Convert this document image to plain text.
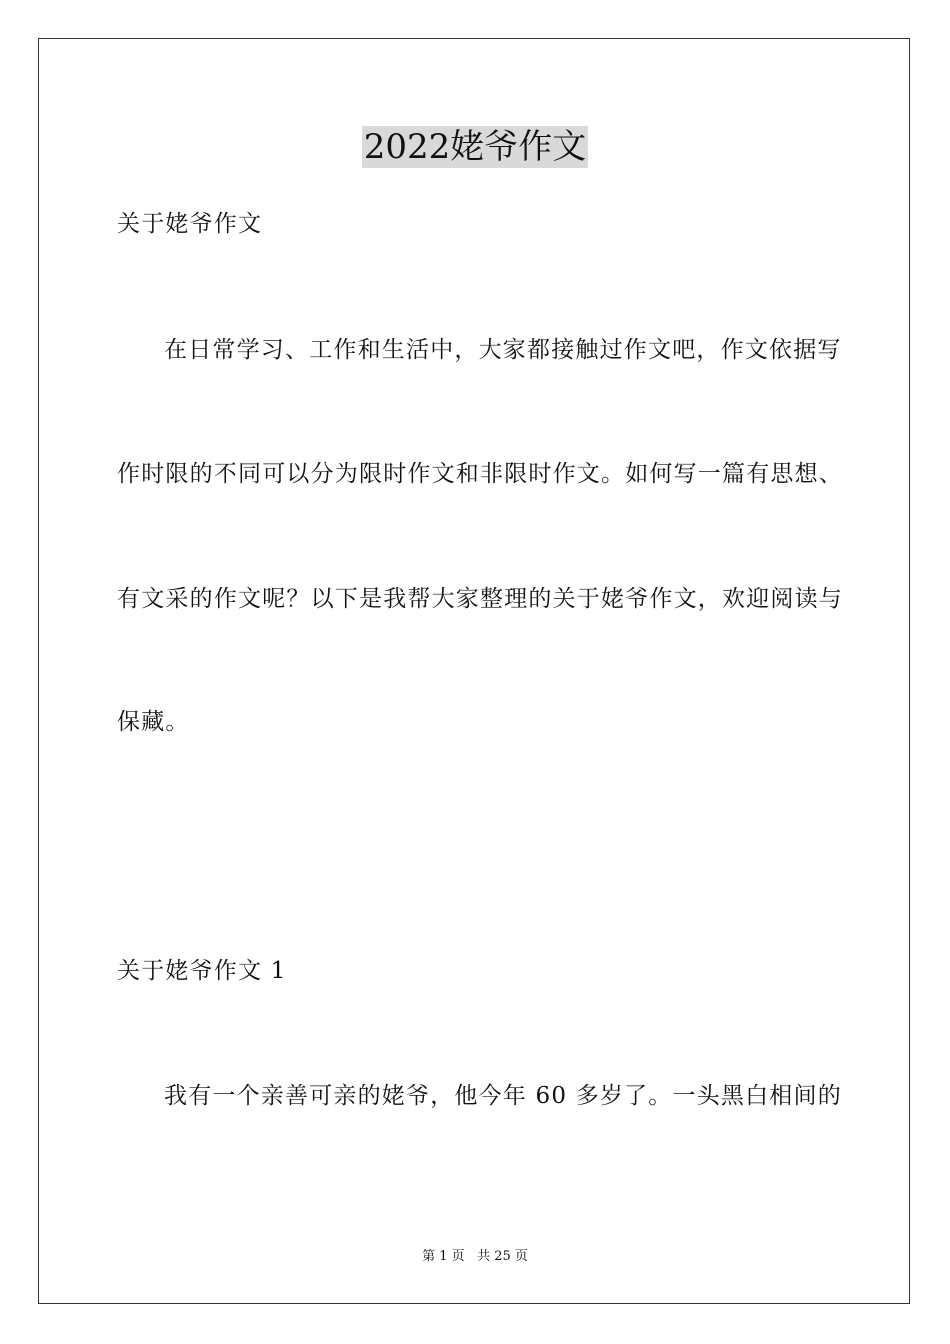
2022姥爷作文
关于姥爷作文
在日常学习、工作和生活中，大家都接触过作文吧，作文依据写
作时限的不同可以分为限时作文和非限时作文。如何写一篇有思想、
有文采的作文呢？以下是我帮大家整理的关于姥爷作文，欢迎阅读与
保藏。
关于姥爷作文 1
我有一个亲善可亲的姥爷，他今年 60 多岁了。一头黑白相间的
第 1 页 共 25 页
